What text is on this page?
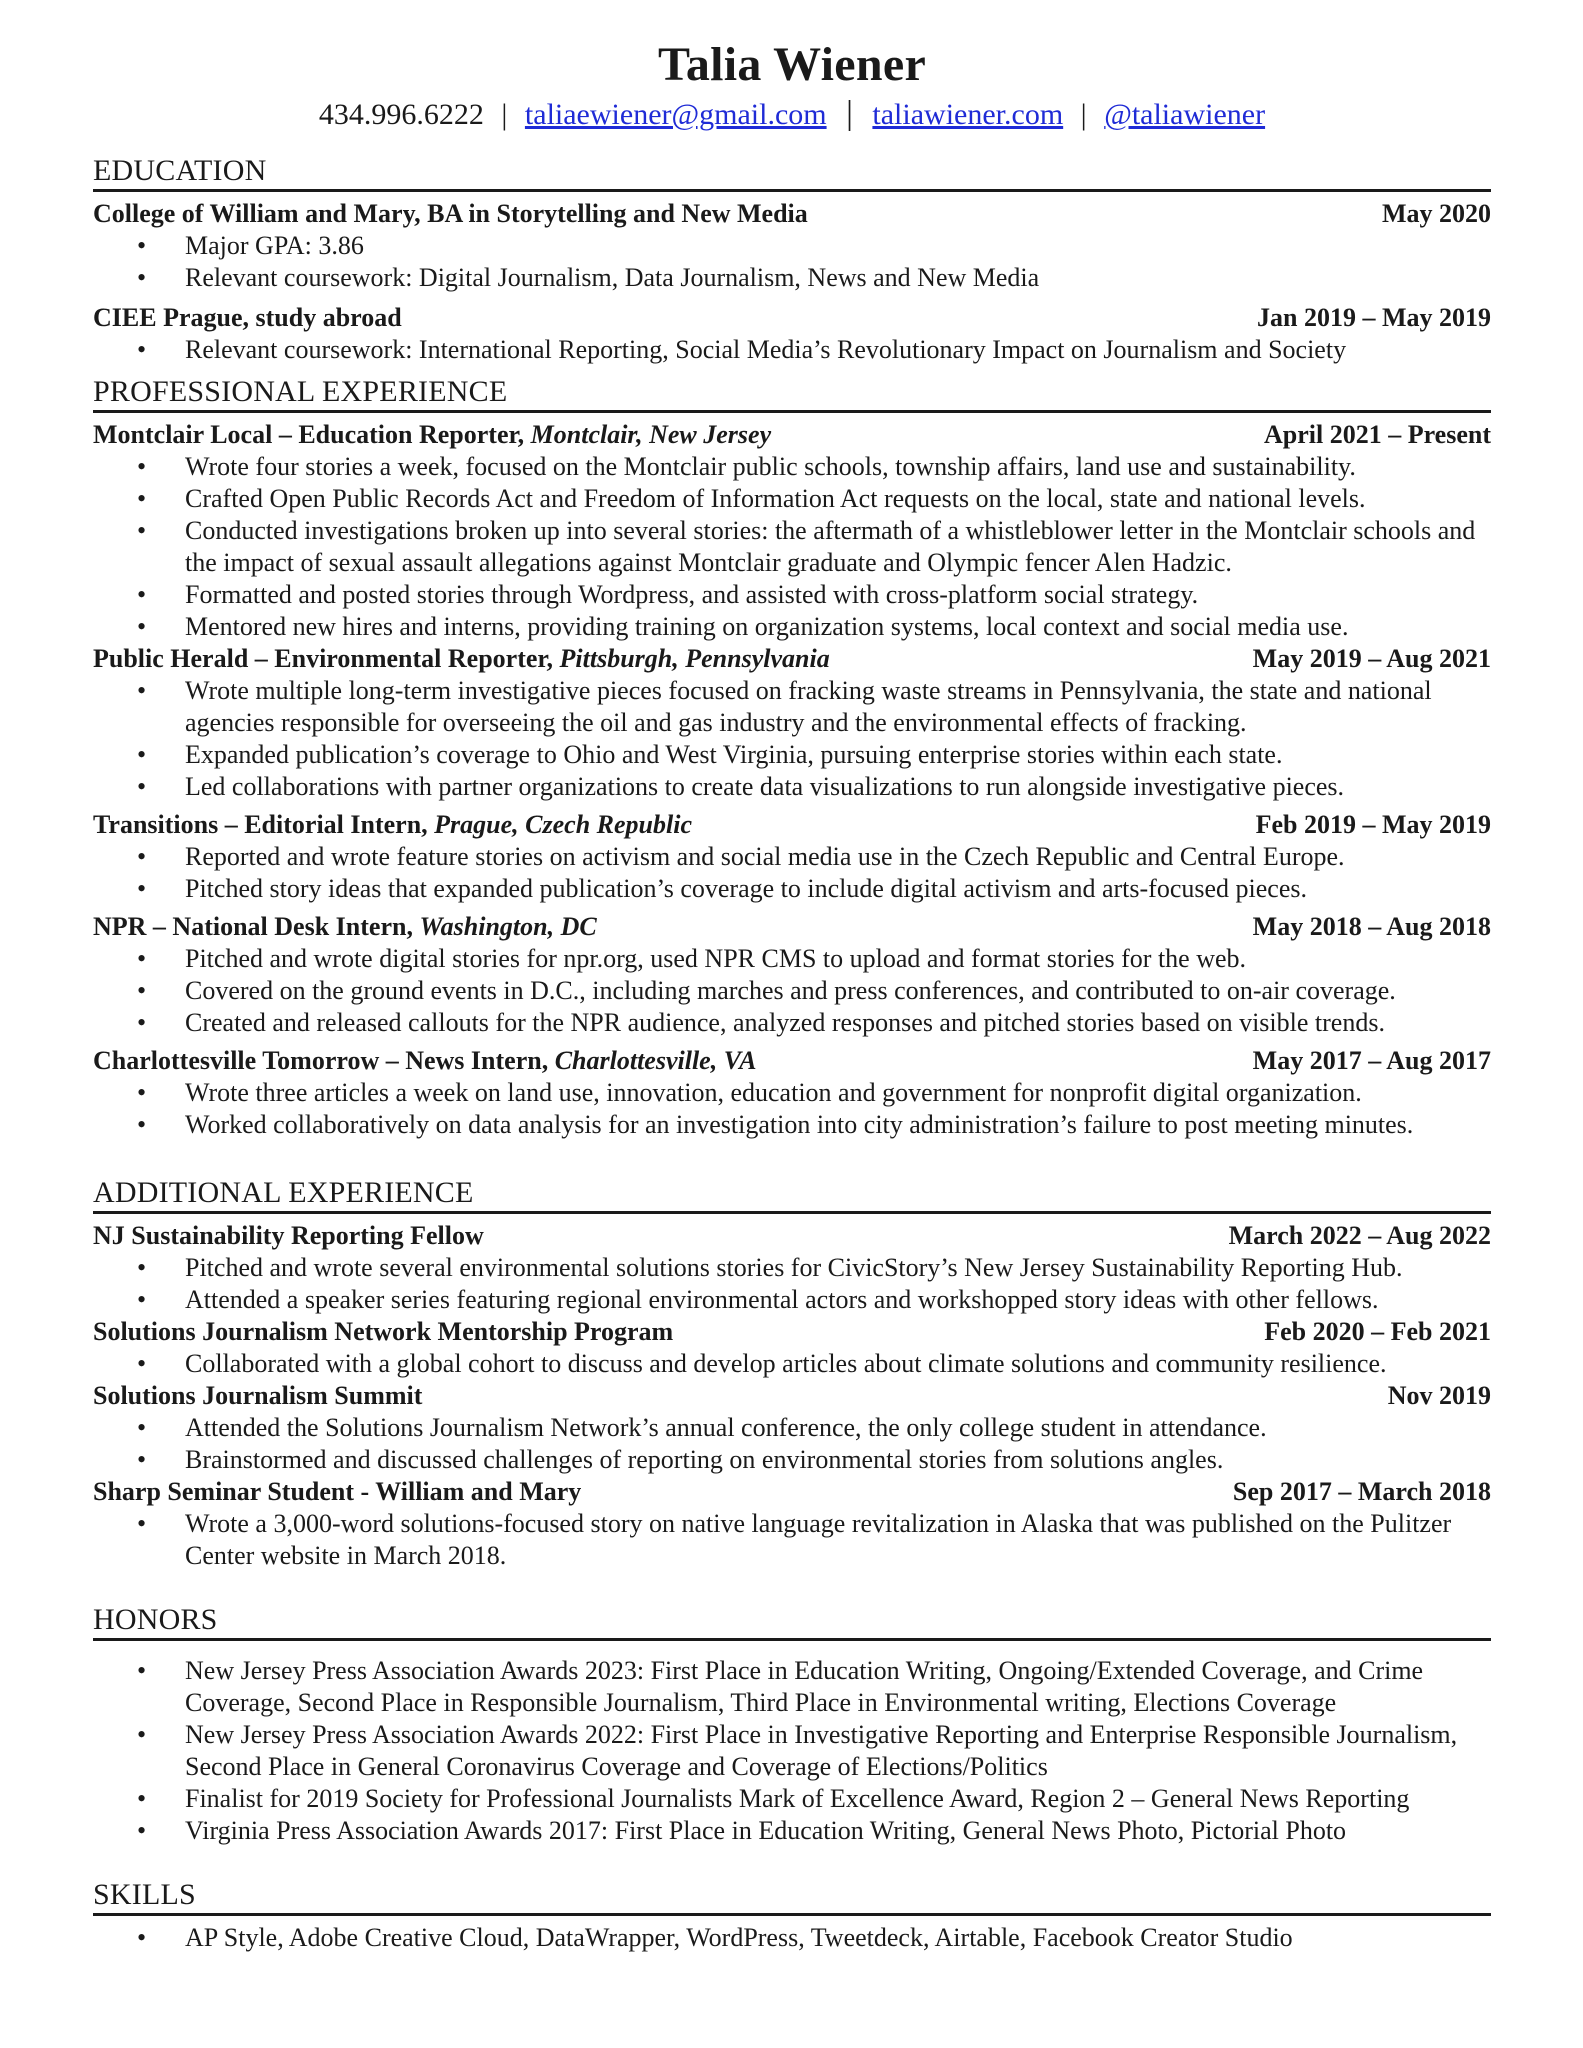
Talia Wiener
434.996.6222 | taliaewiener@gmail.com | taliawiener.com | @taliawiener
EDUCATION
College of William and Mary, BA in Storytelling and New Media	May 2020
• Major GPA: 3.86
• Relevant coursework: Digital Journalism, Data Journalism, News and New Media
CIEE Prague, study abroad	Jan 2019 – May 2019
• Relevant coursework: International Reporting, Social Media’s Revolutionary Impact on Journalism and Society
PROFESSIONAL EXPERIENCE
Montclair Local – Education Reporter, Montclair, New Jersey	April 2021 – Present
• Wrote four stories a week, focused on the Montclair public schools, township affairs, land use and sustainability.
• Crafted Open Public Records Act and Freedom of Information Act requests on the local, state and national levels.
• Conducted investigations broken up into several stories: the aftermath of a whistleblower letter in the Montclair schools and the impact of sexual assault allegations against Montclair graduate and Olympic fencer Alen Hadzic.
• Formatted and posted stories through Wordpress, and assisted with cross-platform social strategy.
• Mentored new hires and interns, providing training on organization systems, local context and social media use.
Public Herald – Environmental Reporter, Pittsburgh, Pennsylvania	May 2019 – Aug 2021
• Wrote multiple long-term investigative pieces focused on fracking waste streams in Pennsylvania, the state and national agencies responsible for overseeing the oil and gas industry and the environmental effects of fracking.
• Expanded publication’s coverage to Ohio and West Virginia, pursuing enterprise stories within each state.
• Led collaborations with partner organizations to create data visualizations to run alongside investigative pieces.
Transitions – Editorial Intern, Prague, Czech Republic	Feb 2019 – May 2019
• Reported and wrote feature stories on activism and social media use in the Czech Republic and Central Europe.
• Pitched story ideas that expanded publication’s coverage to include digital activism and arts-focused pieces.
NPR – National Desk Intern, Washington, DC	May 2018 – Aug 2018
• Pitched and wrote digital stories for npr.org, used NPR CMS to upload and format stories for the web.
• Covered on the ground events in D.C., including marches and press conferences, and contributed to on-air coverage.
• Created and released callouts for the NPR audience, analyzed responses and pitched stories based on visible trends.
Charlottesville Tomorrow – News Intern, Charlottesville, VA	May 2017 – Aug 2017
• Wrote three articles a week on land use, innovation, education and government for nonprofit digital organization.
• Worked collaboratively on data analysis for an investigation into city administration’s failure to post meeting minutes.
ADDITIONAL EXPERIENCE
NJ Sustainability Reporting Fellow	March 2022 – Aug 2022
• Pitched and wrote several environmental solutions stories for CivicStory’s New Jersey Sustainability Reporting Hub.
• Attended a speaker series featuring regional environmental actors and workshopped story ideas with other fellows.
Solutions Journalism Network Mentorship Program	Feb 2020 – Feb 2021
• Collaborated with a global cohort to discuss and develop articles about climate solutions and community resilience.
Solutions Journalism Summit	Nov 2019
• Attended the Solutions Journalism Network’s annual conference, the only college student in attendance.
• Brainstormed and discussed challenges of reporting on environmental stories from solutions angles.
Sharp Seminar Student - William and Mary	Sep 2017 – March 2018
• Wrote a 3,000-word solutions-focused story on native language revitalization in Alaska that was published on the Pulitzer Center website in March 2018.
HONORS
• New Jersey Press Association Awards 2023: First Place in Education Writing, Ongoing/Extended Coverage, and Crime Coverage, Second Place in Responsible Journalism, Third Place in Environmental writing, Elections Coverage
• New Jersey Press Association Awards 2022: First Place in Investigative Reporting and Enterprise Responsible Journalism, Second Place in General Coronavirus Coverage and Coverage of Elections/Politics
• Finalist for 2019 Society for Professional Journalists Mark of Excellence Award, Region 2 – General News Reporting
• Virginia Press Association Awards 2017: First Place in Education Writing, General News Photo, Pictorial Photo
SKILLS
• AP Style, Adobe Creative Cloud, DataWrapper, WordPress, Tweetdeck, Airtable, Facebook Creator Studio
